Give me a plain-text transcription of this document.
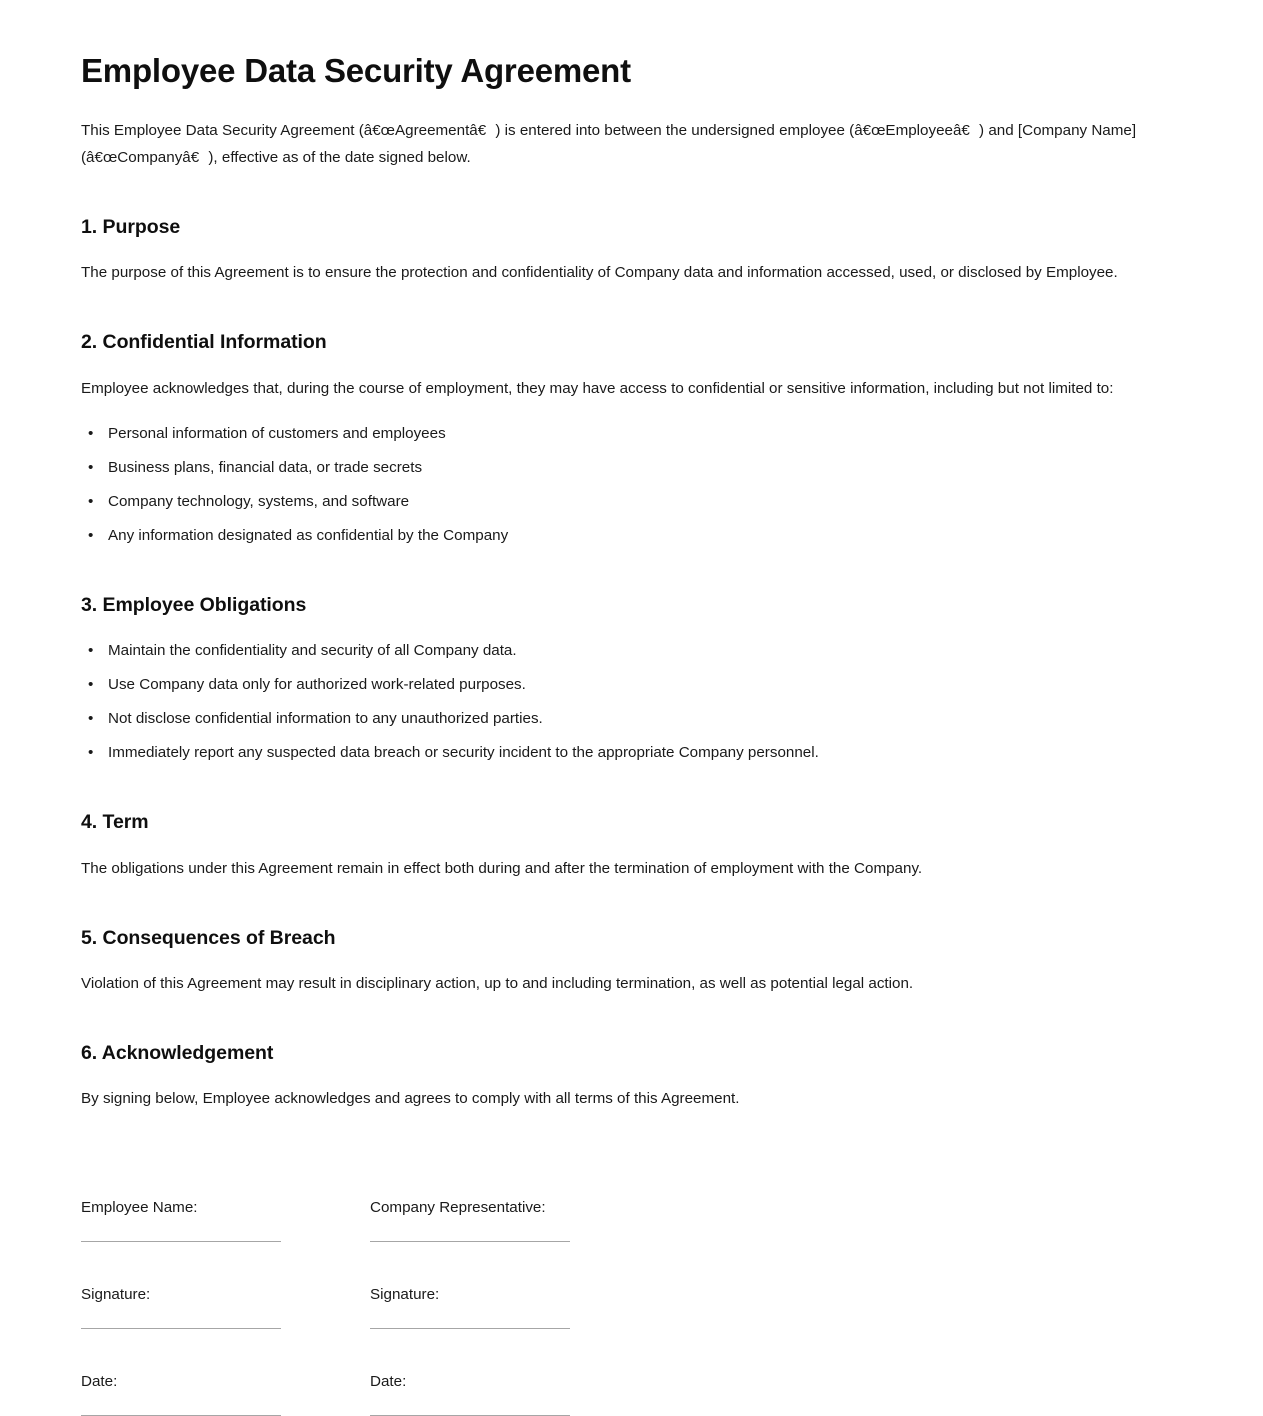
Employee Data Security Agreement

This Employee Data Security Agreement (â€œAgreementâ€) is entered into between the undersigned employee (â€œEmployeeâ€) and [Company Name] (â€œCompanyâ€), effective as of the date signed below.

1. Purpose

The purpose of this Agreement is to ensure the protection and confidentiality of Company data and information accessed, used, or disclosed by Employee.

2. Confidential Information

Employee acknowledges that, during the course of employment, they may have access to confidential or sensitive information, including but not limited to:

• Personal information of customers and employees
• Business plans, financial data, or trade secrets
• Company technology, systems, and software
• Any information designated as confidential by the Company
3. Employee Obligations
• Maintain the confidentiality and security of all Company data.
• Use Company data only for authorized work-related purposes.
• Not disclose confidential information to any unauthorized parties.
• Immediately report any suspected data breach or security incident to the appropriate Company personnel.
4. Term

The obligations under this Agreement remain in effect both during and after the termination of employment with the Company.

5. Consequences of Breach

Violation of this Agreement may result in disciplinary action, up to and including termination, as well as potential legal action.

6. Acknowledgement

By signing below, Employee acknowledges and agrees to comply with all terms of this Agreement.

Employee Name:	Company Representative:
Signature:	Signature:
Date:	Date:
